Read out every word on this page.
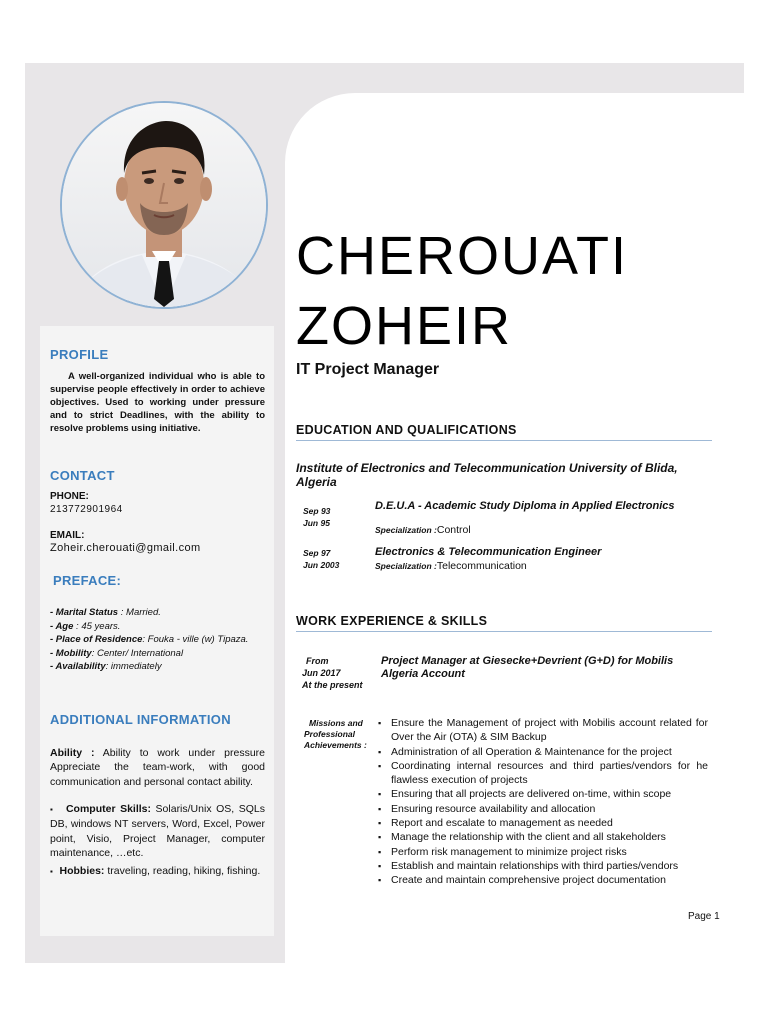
PROFILE
A well-organized individual who is able to supervise people effectively in order to achieve objectives. Used to working under pressure and to strict Deadlines, with the ability to resolve problems using initiative.
CONTACT
PHONE:
213772901964
EMAIL:
Zoheir.cherouati@gmail.com
PREFACE:
- Marital Status : Married.
- Age : 45 years.
- Place of Residence: Fouka - ville (w) Tipaza.
- Mobility: Center/ International
- Availability: immediately
ADDITIONAL INFORMATION
Ability : Ability to work under pressure Appreciate the team-work, with good communication and personal contact ability.
▪   Computer Skills: Solaris/Unix OS, SQLs DB, windows NT servers, Word, Excel, Power point, Visio, Project Manager, computer maintenance, …etc.
▪   Hobbies: traveling, reading, hiking, fishing.
CHEROUATI
ZOHEIR
IT Project Manager
EDUCATION AND QUALIFICATIONS
Institute of Electronics and Telecommunication University of Blida, Algeria
Sep 93
Jun 95
D.E.U.A - Academic Study Diploma in Applied Electronics
Specialization :Control
Sep 97
Jun 2003
Electronics & Telecommunication Engineer
Specialization :Telecommunication
WORK EXPERIENCE & SKILLS
From
Jun 2017
At the present
Project Manager at Giesecke+Devrient (G+D) for Mobilis Algeria Account
Missions and
Professional
Achievements :
▪ Ensure the Management of project with Mobilis account related for Over the Air (OTA) & SIM Backup
▪ Administration of all Operation & Maintenance for the project
▪ Coordinating internal resources and third parties/vendors for he flawless execution of projects
▪ Ensuring that all projects are delivered on-time, within scope
▪ Ensuring resource availability and allocation
▪ Report and escalate to management as needed
▪ Manage the relationship with the client and all stakeholders
▪ Perform risk management to minimize project risks
▪ Establish and maintain relationships with third parties/vendors
▪ Create and maintain comprehensive project documentation
Page 1
